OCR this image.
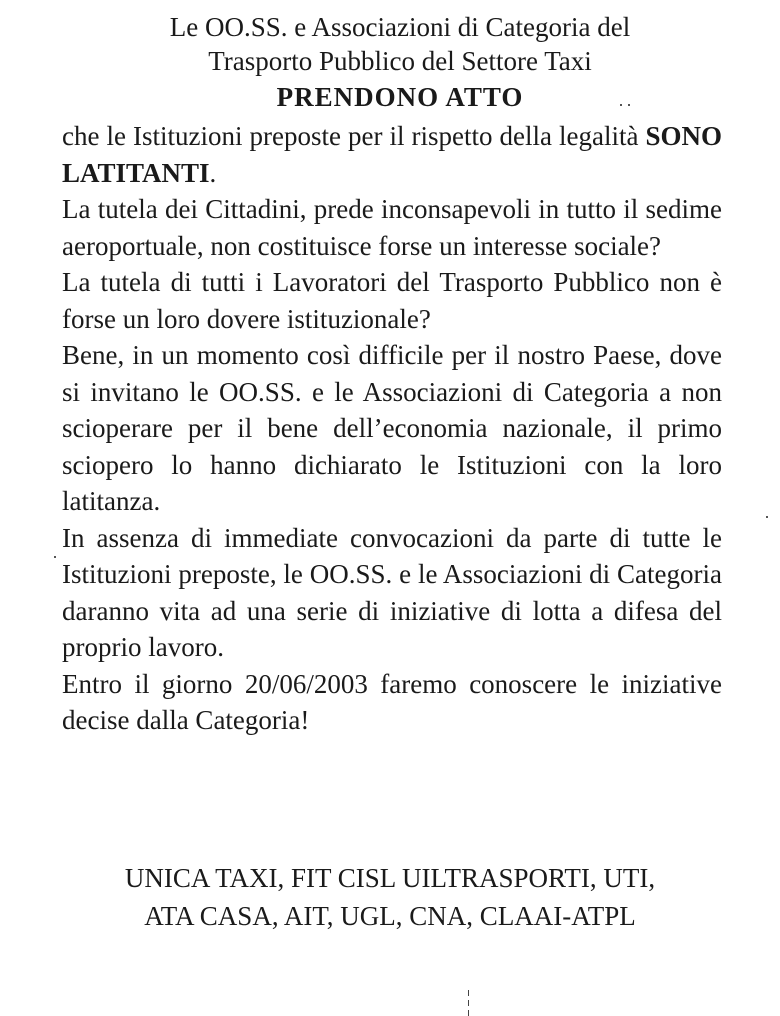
Le OO.SS. e Associazioni di Categoria del
Trasporto Pubblico del Settore Taxi
PRENDONO ATTO

che le Istituzioni preposte per il rispetto della legalità SONO LATITANTI.

La tutela dei Cittadini, prede inconsapevoli in tutto il sedime aeroportuale, non costituisce forse un interesse sociale?

La tutela di tutti i Lavoratori del Trasporto Pubblico non è forse un loro dovere istituzionale?

Bene, in un momento così difficile per il nostro Paese, dove si invitano le OO.SS. e le Associazioni di Categoria a non scioperare per il bene dell’economia nazionale, il primo sciopero lo hanno dichiarato le Istituzioni con la loro latitanza.

In assenza di immediate convocazioni da parte di tutte le Istituzioni preposte, le OO.SS. e le Associazioni di Categoria daranno vita ad una serie di iniziative di lotta a difesa del proprio lavoro.

Entro il giorno 20/06/2003 faremo conoscere le iniziative decise dalla Categoria!

UNICA TAXI, FIT CISL UILTRASPORTI, UTI,
ATA CASA, AIT, UGL, CNA, CLAAI-ATPL
